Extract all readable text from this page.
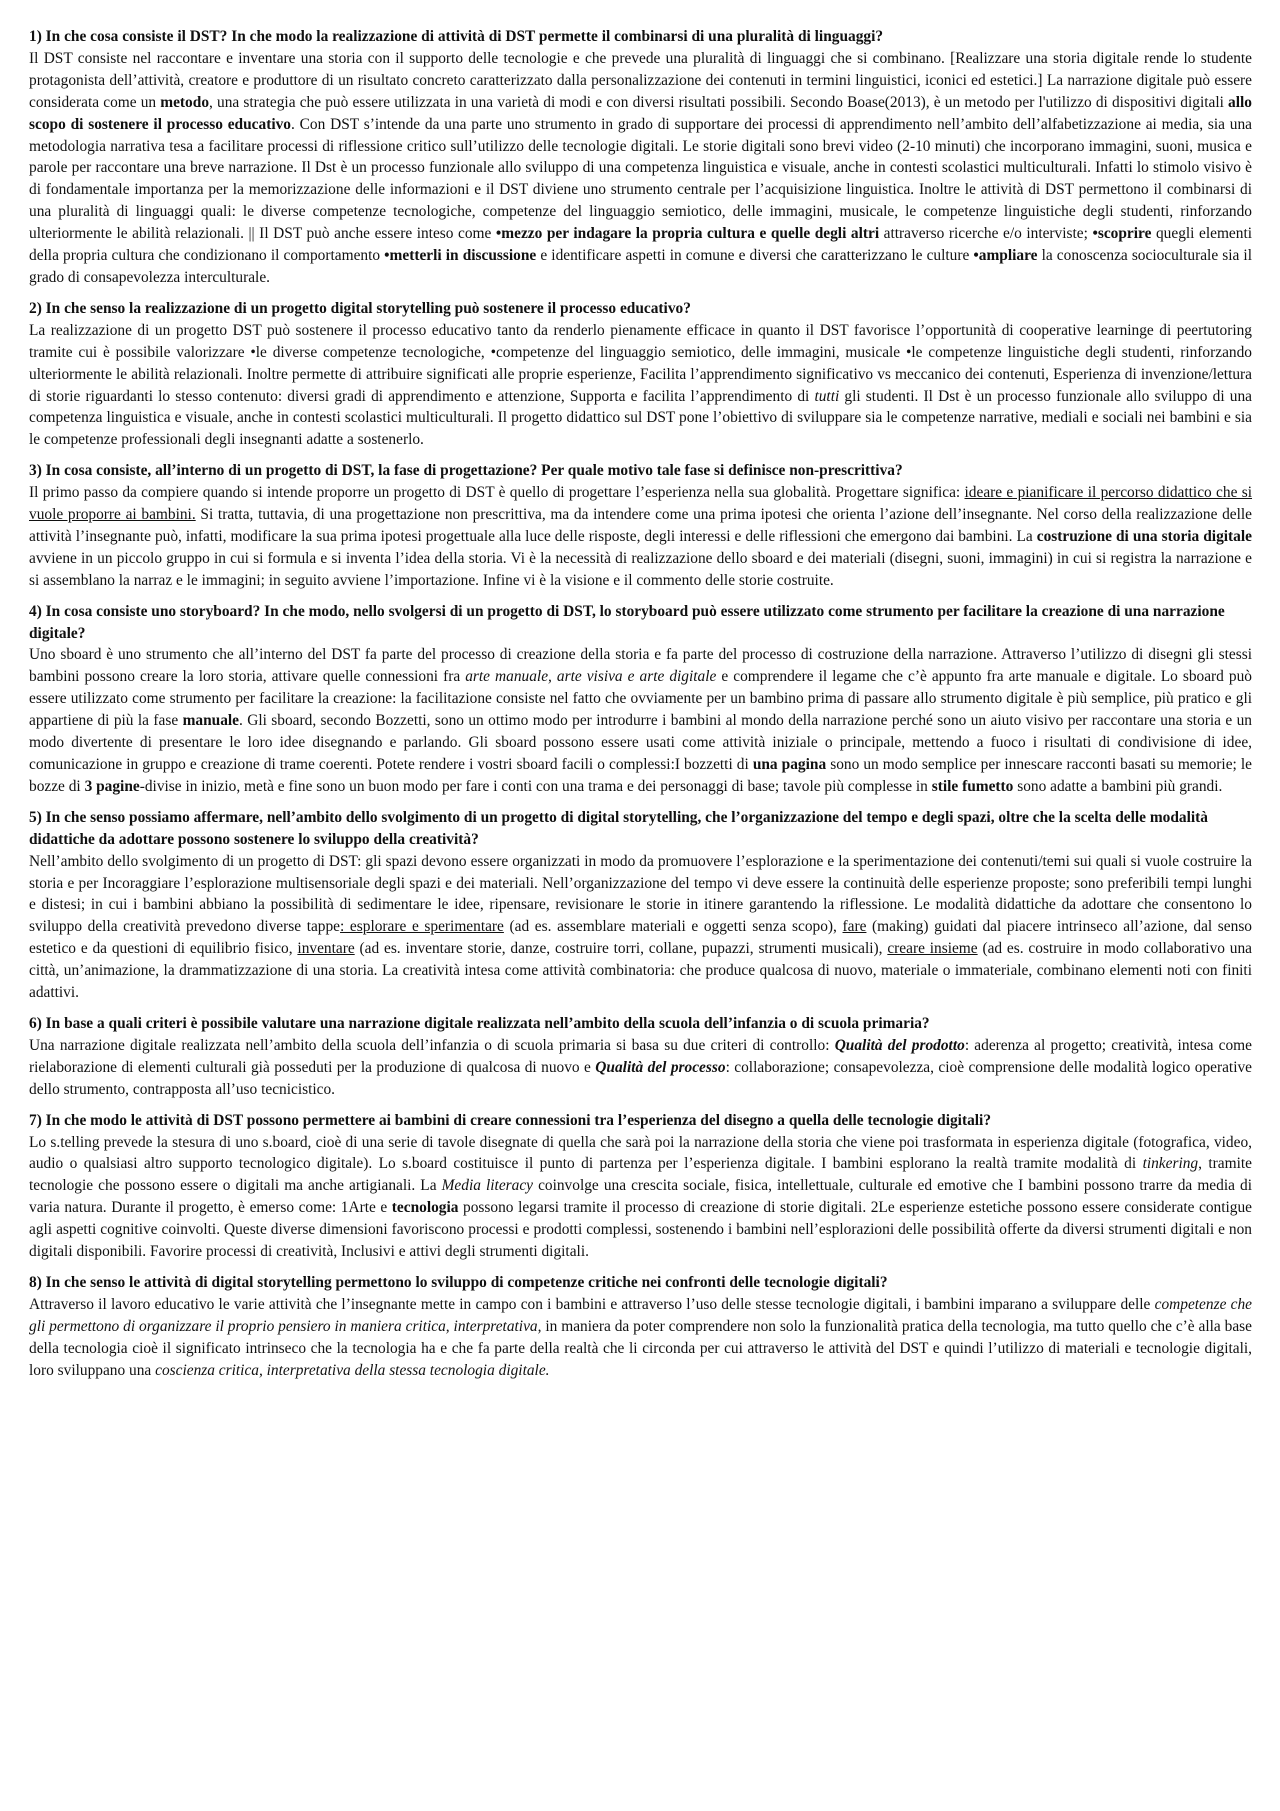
1) In che cosa consiste il DST? In che modo la realizzazione di attività di DST permette il combinarsi di una pluralità di linguaggi?

Il DST consiste nel raccontare e inventare una storia con il supporto delle tecnologie e che prevede una pluralità di linguaggi che si combinano. [Realizzare una storia digitale rende lo studente protagonista dell’attività, creatore e produttore di un risultato concreto caratterizzato dalla personalizzazione dei contenuti in termini linguistici, iconici ed estetici.] La narrazione digitale può essere considerata come un metodo, una strategia che può essere utilizzata in una varietà di modi e con diversi risultati possibili. Secondo Boase(2013), è un metodo per l'utilizzo di dispositivi digitali allo scopo di sostenere il processo educativo. Con DST s’intende da una parte uno strumento in grado di supportare dei processi di apprendimento nell’ambito dell’alfabetizzazione ai media, sia una metodologia narrativa tesa a facilitare processi di riflessione critico sull’utilizzo delle tecnologie digitali. Le storie digitali sono brevi video (2-10 minuti) che incorporano immagini, suoni, musica e parole per raccontare una breve narrazione. Il Dst è un processo funzionale allo sviluppo di una competenza linguistica e visuale, anche in contesti scolastici multiculturali. Infatti lo stimolo visivo è di fondamentale importanza per la memorizzazione delle informazioni e il DST diviene uno strumento centrale per l’acquisizione linguistica. Inoltre le attività di DST permettono il combinarsi di una pluralità di linguaggi quali: le diverse competenze tecnologiche, competenze del linguaggio semiotico, delle immagini, musicale, le competenze linguistiche degli studenti, rinforzando ulteriormente le abilità relazionali. || Il DST può anche essere inteso come •mezzo per indagare la propria cultura e quelle degli altri attraverso ricerche e/o interviste; •scoprire quegli elementi della propria cultura che condizionano il comportamento •metterli in discussione e identificare aspetti in comune e diversi che caratterizzano le culture •ampliare la conoscenza socioculturale sia il grado di consapevolezza interculturale.

2) In che senso la realizzazione di un progetto digital storytelling può sostenere il processo educativo?

La realizzazione di un progetto DST può sostenere il processo educativo tanto da renderlo pienamente efficace in quanto il DST favorisce l’opportunità di cooperative learninge di peertutoring tramite cui è possibile valorizzare •le diverse competenze tecnologiche, •competenze del linguaggio semiotico, delle immagini, musicale •le competenze linguistiche degli studenti, rinforzando ulteriormente le abilità relazionali. Inoltre permette di attribuire significati alle proprie esperienze, Facilita l’apprendimento significativo vs meccanico dei contenuti, Esperienza di invenzione/lettura di storie riguardanti lo stesso contenuto: diversi gradi di apprendimento e attenzione, Supporta e facilita l’apprendimento di tutti gli studenti. Il Dst è un processo funzionale allo sviluppo di una competenza linguistica e visuale, anche in contesti scolastici multiculturali. Il progetto didattico sul DST pone l’obiettivo di sviluppare sia le competenze narrative, mediali e sociali nei bambini e sia le competenze professionali degli insegnanti adatte a sostenerlo.

3) In cosa consiste, all’interno di un progetto di DST, la fase di progettazione? Per quale motivo tale fase si definisce non-prescrittiva?

Il primo passo da compiere quando si intende proporre un progetto di DST è quello di progettare l’esperienza nella sua globalità. Progettare significa: ideare e pianificare il percorso didattico che si vuole proporre ai bambini. Si tratta, tuttavia, di una progettazione non prescrittiva, ma da intendere come una prima ipotesi che orienta l’azione dell’insegnante. Nel corso della realizzazione delle attività l’insegnante può, infatti, modificare la sua prima ipotesi progettuale alla luce delle risposte, degli interessi e delle riflessioni che emergono dai bambini. La costruzione di una storia digitale avviene in un piccolo gruppo in cui si formula e si inventa l’idea della storia. Vi è la necessità di realizzazione dello sboard e dei materiali (disegni, suoni, immagini) in cui si registra la narrazione e si assemblano la narraz e le immagini; in seguito avviene l’importazione. Infine vi è la visione e il commento delle storie costruite.

4) In cosa consiste uno storyboard? In che modo, nello svolgersi di un progetto di DST, lo storyboard può essere utilizzato come strumento per facilitare la creazione di una narrazione digitale?

Uno sboard è uno strumento che all’interno del DST fa parte del processo di creazione della storia e fa parte del processo di costruzione della narrazione. Attraverso l’utilizzo di disegni gli stessi bambini possono creare la loro storia, attivare quelle connessioni fra arte manuale, arte visiva e arte digitale e comprendere il legame che c’è appunto fra arte manuale e digitale. Lo sboard può essere utilizzato come strumento per facilitare la creazione: la facilitazione consiste nel fatto che ovviamente per un bambino prima di passare allo strumento digitale è più semplice, più pratico e gli appartiene di più la fase manuale. Gli sboard, secondo Bozzetti, sono un ottimo modo per introdurre i bambini al mondo della narrazione perché sono un aiuto visivo per raccontare una storia e un modo divertente di presentare le loro idee disegnando e parlando. Gli sboard possono essere usati come attività iniziale o principale, mettendo a fuoco i risultati di condivisione di idee, comunicazione in gruppo e creazione di trame coerenti. Potete rendere i vostri sboard facili o complessi:I bozzetti di una pagina sono un modo semplice per innescare racconti basati su memorie; le bozze di 3 pagine-divise in inizio, metà e fine sono un buon modo per fare i conti con una trama e dei personaggi di base; tavole più complesse in stile fumetto sono adatte a bambini più grandi.

5) In che senso possiamo affermare, nell’ambito dello svolgimento di un progetto di digital storytelling, che l’organizzazione del tempo e degli spazi, oltre che la scelta delle modalità didattiche da adottare possono sostenere lo sviluppo della creatività?

Nell’ambito dello svolgimento di un progetto di DST: gli spazi devono essere organizzati in modo da promuovere l’esplorazione e la sperimentazione dei contenuti/temi sui quali si vuole costruire la storia e per Incoraggiare l’esplorazione multisensoriale degli spazi e dei materiali. Nell’organizzazione del tempo vi deve essere la continuità delle esperienze proposte; sono preferibili tempi lunghi e distesi; in cui i bambini abbiano la possibilità di sedimentare le idee, ripensare, revisionare le storie in itinere garantendo la riflessione. Le modalità didattiche da adottare che consentono lo sviluppo della creatività prevedono diverse tappe: esplorare e sperimentare (ad es. assemblare materiali e oggetti senza scopo), fare (making) guidati dal piacere intrinseco all’azione, dal senso estetico e da questioni di equilibrio fisico, inventare (ad es. inventare storie, danze, costruire torri, collane, pupazzi, strumenti musicali), creare insieme (ad es. costruire in modo collaborativo una città, un’animazione, la drammatizzazione di una storia. La creatività intesa come attività combinatoria: che produce qualcosa di nuovo, materiale o immateriale, combinano elementi noti con finiti adattivi.

6) In base a quali criteri è possibile valutare una narrazione digitale realizzata nell’ambito della scuola dell’infanzia o di scuola primaria?

Una narrazione digitale realizzata nell’ambito della scuola dell’infanzia o di scuola primaria si basa su due criteri di controllo: Qualità del prodotto: aderenza al progetto; creatività, intesa come rielaborazione di elementi culturali già posseduti per la produzione di qualcosa di nuovo e Qualità del processo: collaborazione; consapevolezza, cioè comprensione delle modalità logico operative dello strumento, contrapposta all’uso tecnicistico.

7) In che modo le attività di DST possono permettere ai bambini di creare connessioni tra l’esperienza del disegno a quella delle tecnologie digitali?

Lo s.telling prevede la stesura di uno s.board, cioè di una serie di tavole disegnate di quella che sarà poi la narrazione della storia che viene poi trasformata in esperienza digitale (fotografica, video, audio o qualsiasi altro supporto tecnologico digitale). Lo s.board costituisce il punto di partenza per l’esperienza digitale. I bambini esplorano la realtà tramite modalità di tinkering, tramite tecnologie che possono essere o digitali ma anche artigianali. La Media literacy coinvolge una crescita sociale, fisica, intellettuale, culturale ed emotive che I bambini possono trarre da media di varia natura. Durante il progetto, è emerso come: 1Arte e tecnologia possono legarsi tramite il processo di creazione di storie digitali. 2Le esperienze estetiche possono essere considerate contigue agli aspetti cognitive coinvolti. Queste diverse dimensioni favoriscono processi e prodotti complessi, sostenendo i bambini nell’esplorazioni delle possibilità offerte da diversi strumenti digitali e non digitali disponibili. Favorire processi di creatività, Inclusivi e attivi degli strumenti digitali.

8) In che senso le attività di digital storytelling permettono lo sviluppo di competenze critiche nei confronti delle tecnologie digitali?

Attraverso il lavoro educativo le varie attività che l’insegnante mette in campo con i bambini e attraverso l’uso delle stesse tecnologie digitali, i bambini imparano a sviluppare delle competenze che gli permettono di organizzare il proprio pensiero in maniera critica, interpretativa, in maniera da poter comprendere non solo la funzionalità pratica della tecnologia, ma tutto quello che c’è alla base della tecnologia cioè il significato intrinseco che la tecnologia ha e che fa parte della realtà che li circonda per cui attraverso le attività del DST e quindi l’utilizzo di materiali e tecnologie digitali, loro sviluppano una coscienza critica, interpretativa della stessa tecnologia digitale.
